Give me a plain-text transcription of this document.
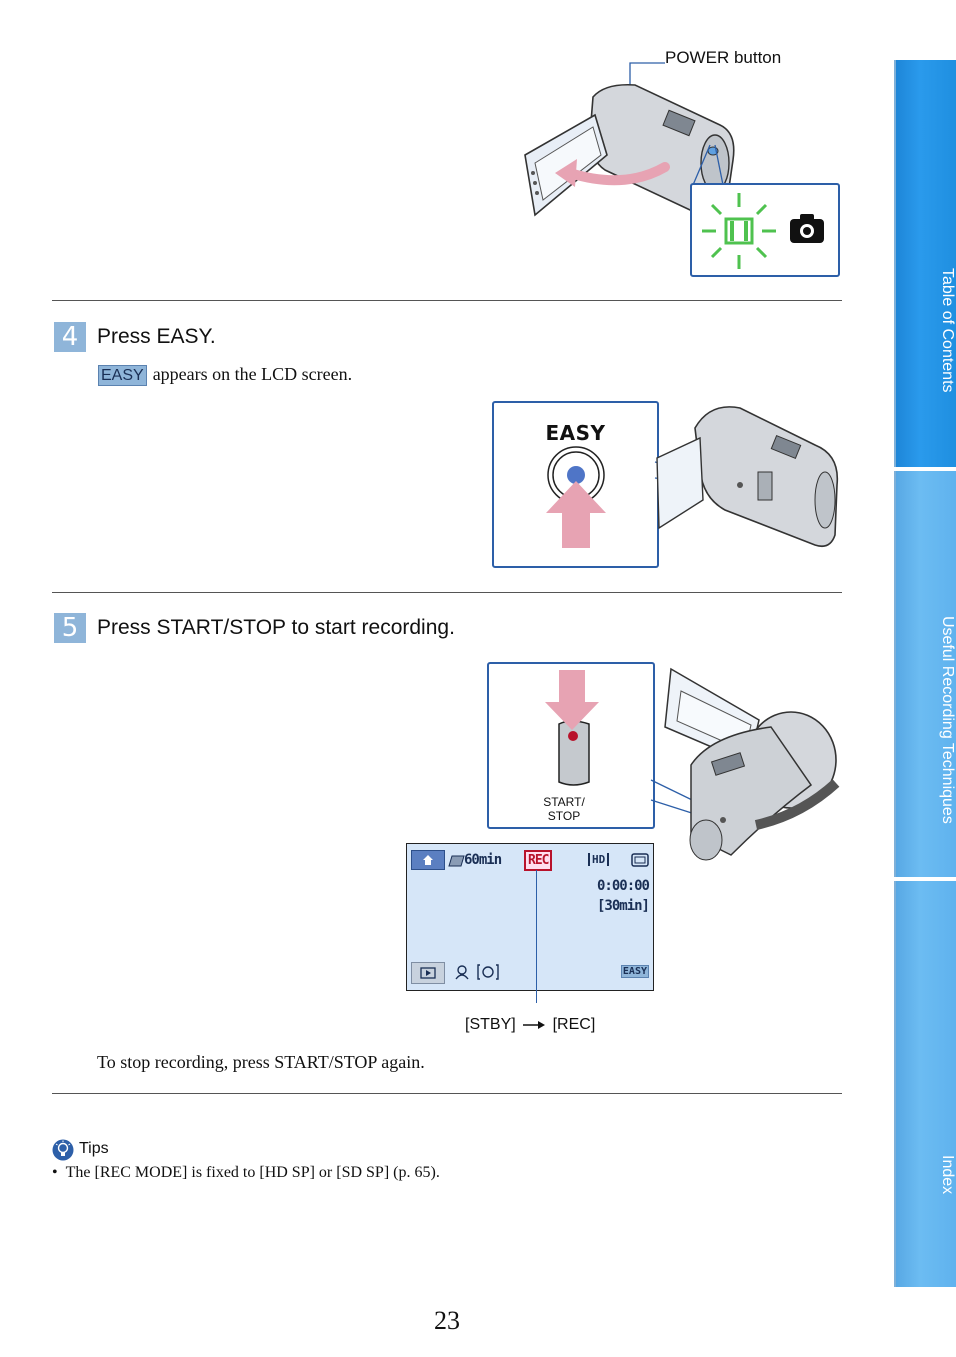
Table of Contents
Useful Recording Techniques
Index
POWER button
4 Press EASY.
EASY appears on the LCD screen.
EASY
5 Press START/STOP to start recording.
START/
STOP
60min	REC	HD
0:00:00
[30min]
EASY
[STBY] [REC]
To stop recording, press START/STOP again.
Tips
• The [REC MODE] is fixed to [HD SP] or [SD SP] (p. 65).
23
